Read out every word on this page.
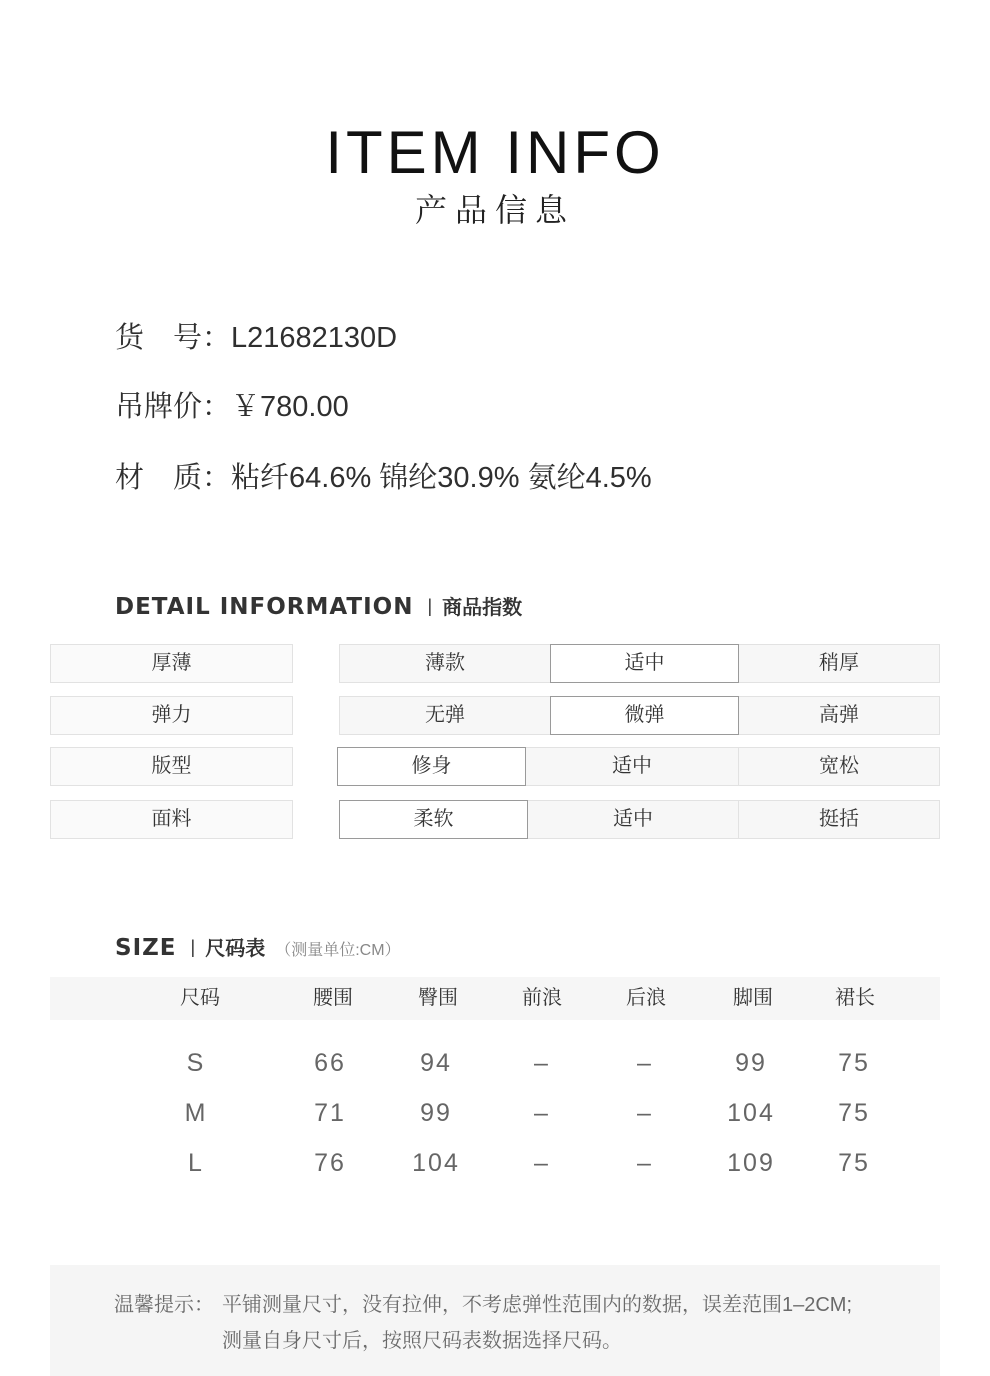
ITEM INFO
产品信息
货　号：L21682130D
吊牌价：￥780.00
材　质：粘纤64.6% 锦纶30.9% 氨纶4.5%
DETAIL INFORMATION | 商品指数
厚薄	薄款	适中	稍厚
弹力	无弹	微弹	高弹
版型	修身	适中	宽松
面料	柔软	适中	挺括
SIZE | 尺码表 （测量单位:CM）
尺码	腰围	臀围	前浪	后浪	脚围	裙长
S	66	94	–	–	99	75
M	71	99	–	–	104	75
L	76	104	–	–	109	75
温馨提示： 平铺测量尺寸，没有拉伸，不考虑弹性范围内的数据，误差范围1–2CM;
测量自身尺寸后，按照尺码表数据选择尺码。
